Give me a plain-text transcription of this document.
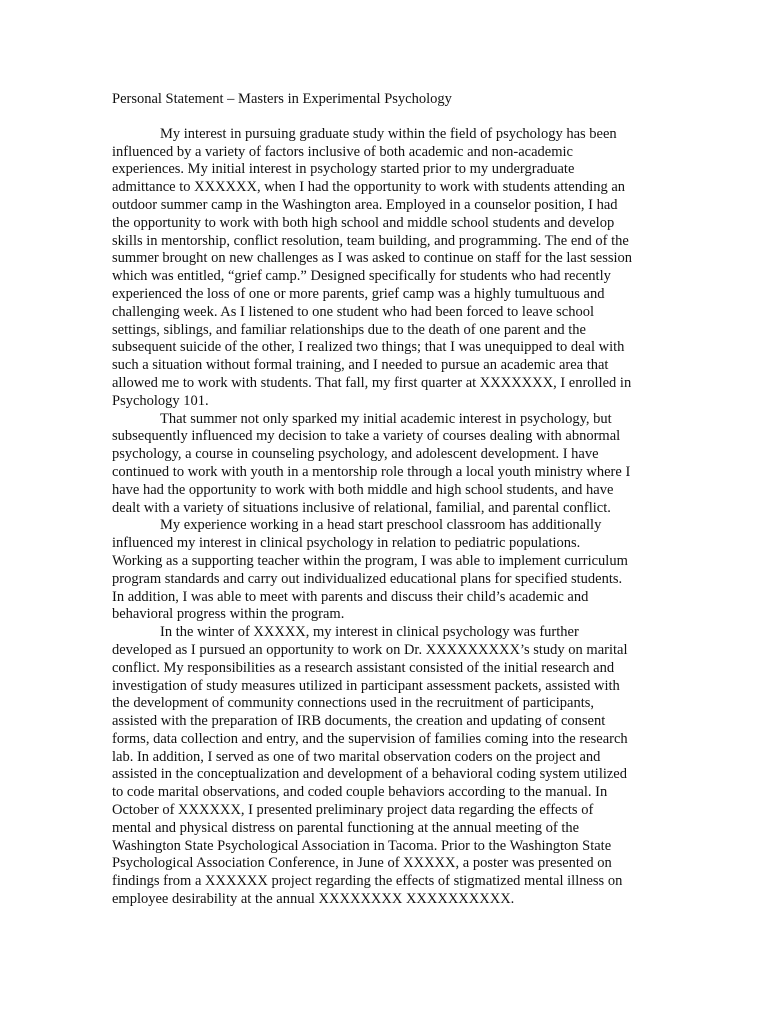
Personal Statement – Masters in Experimental Psychology
My interest in pursuing graduate study within the field of psychology has been
influenced by a variety of factors inclusive of both academic and non-academic
experiences. My initial interest in psychology started prior to my undergraduate
admittance to XXXXXX, when I had the opportunity to work with students attending an
outdoor summer camp in the Washington area. Employed in a counselor position, I had
the opportunity to work with both high school and middle school students and develop
skills in mentorship, conflict resolution, team building, and programming. The end of the
summer brought on new challenges as I was asked to continue on staff for the last session
which was entitled, “grief camp.” Designed specifically for students who had recently
experienced the loss of one or more parents, grief camp was a highly tumultuous and
challenging week. As I listened to one student who had been forced to leave school
settings, siblings, and familiar relationships due to the death of one parent and the
subsequent suicide of the other, I realized two things; that I was unequipped to deal with
such a situation without formal training, and I needed to pursue an academic area that
allowed me to work with students. That fall, my first quarter at XXXXXXX, I enrolled in
Psychology 101.
That summer not only sparked my initial academic interest in psychology, but
subsequently influenced my decision to take a variety of courses dealing with abnormal
psychology, a course in counseling psychology, and adolescent development. I have
continued to work with youth in a mentorship role through a local youth ministry where I
have had the opportunity to work with both middle and high school students, and have
dealt with a variety of situations inclusive of relational, familial, and parental conflict.
My experience working in a head start preschool classroom has additionally
influenced my interest in clinical psychology in relation to pediatric populations.
Working as a supporting teacher within the program, I was able to implement curriculum
program standards and carry out individualized educational plans for specified students.
In addition, I was able to meet with parents and discuss their child’s academic and
behavioral progress within the program.
In the winter of XXXXX, my interest in clinical psychology was further
developed as I pursued an opportunity to work on Dr. XXXXXXXXX’s study on marital
conflict. My responsibilities as a research assistant consisted of the initial research and
investigation of study measures utilized in participant assessment packets, assisted with
the development of community connections used in the recruitment of participants,
assisted with the preparation of IRB documents, the creation and updating of consent
forms, data collection and entry, and the supervision of families coming into the research
lab. In addition, I served as one of two marital observation coders on the project and
assisted in the conceptualization and development of a behavioral coding system utilized
to code marital observations, and coded couple behaviors according to the manual. In
October of XXXXXX, I presented preliminary project data regarding the effects of
mental and physical distress on parental functioning at the annual meeting of the
Washington State Psychological Association in Tacoma. Prior to the Washington State
Psychological Association Conference, in June of XXXXX, a poster was presented on
findings from a XXXXXX project regarding the effects of stigmatized mental illness on
employee desirability at the annual XXXXXXXX XXXXXXXXXX.
